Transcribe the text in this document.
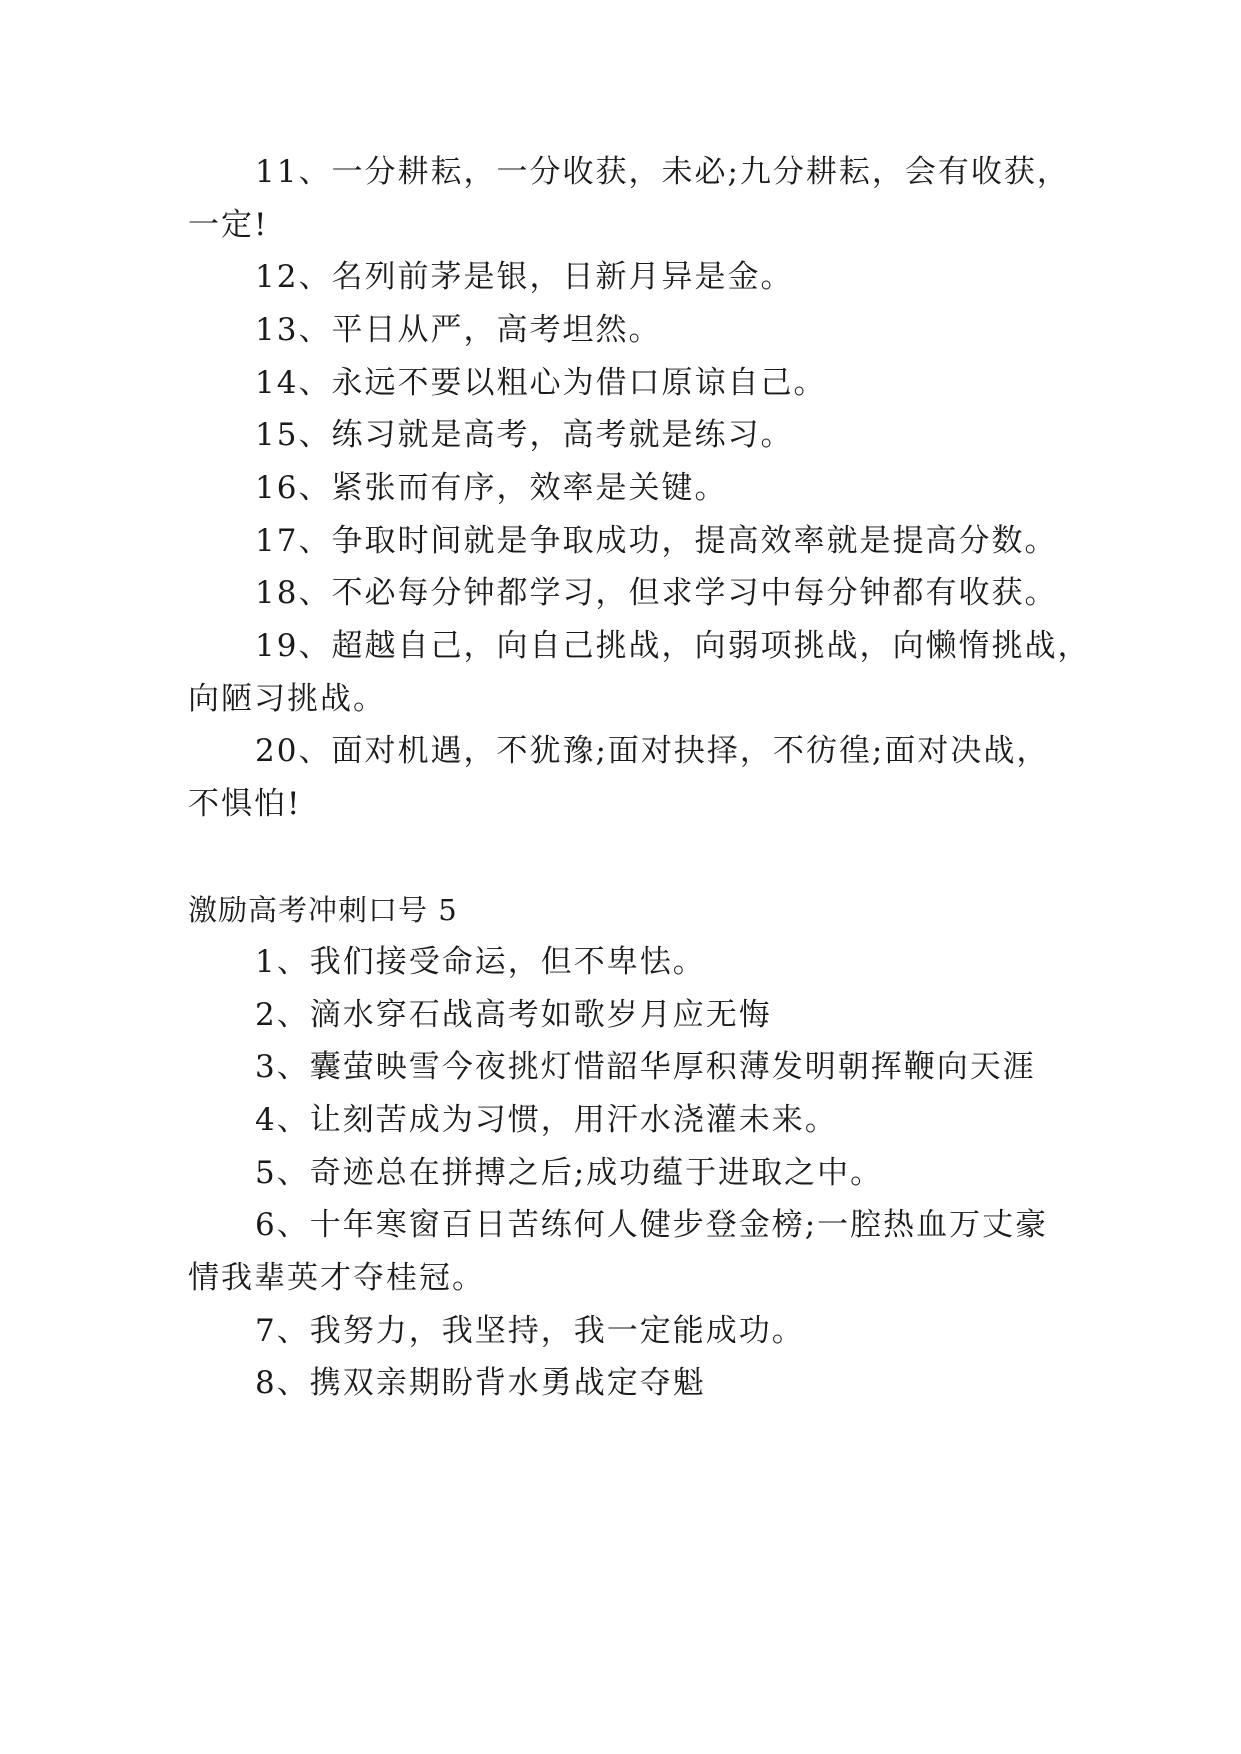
11、一分耕耘，一分收获，未必;九分耕耘，会有收获，
一定!
12、名列前茅是银，日新月异是金。
13、平日从严，高考坦然。
14、永远不要以粗心为借口原谅自己。
15、练习就是高考，高考就是练习。
16、紧张而有序，效率是关键。
17、争取时间就是争取成功，提高效率就是提高分数。
18、不必每分钟都学习，但求学习中每分钟都有收获。
19、超越自己，向自己挑战，向弱项挑战，向懒惰挑战，
向陋习挑战。
20、面对机遇，不犹豫;面对抉择，不彷徨;面对决战，
不惧怕!
激励高考冲刺口号 5
1、我们接受命运，但不卑怯。
2、滴水穿石战高考如歌岁月应无悔
3、囊萤映雪今夜挑灯惜韶华厚积薄发明朝挥鞭向天涯
4、让刻苦成为习惯，用汗水浇灌未来。
5、奇迹总在拼搏之后;成功蕴于进取之中。
6、十年寒窗百日苦练何人健步登金榜;一腔热血万丈豪
情我辈英才夺桂冠。
7、我努力，我坚持，我一定能成功。
8、携双亲期盼背水勇战定夺魁
